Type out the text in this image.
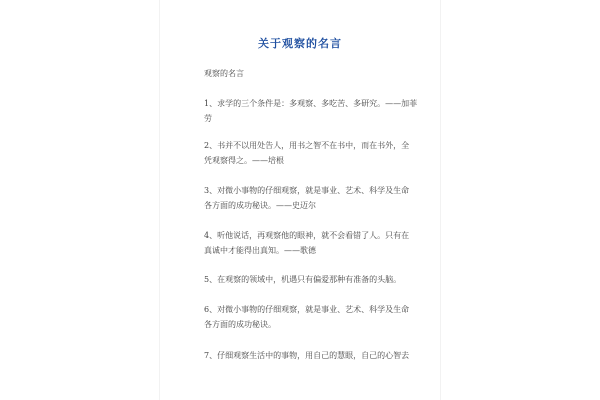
关于观察的名言
观察的名言

1、求学的三个条件是：多观察、多吃苦、多研究。——加菲
劳

2、书并不以用处告人，用书之智不在书中，而在书外，全
凭观察得之。——培根

3、对微小事物的仔细观察，就是事业、艺术、科学及生命
各方面的成功秘诀。——史迈尔

4、听他说话，再观察他的眼神，就不会看错了人。只有在
真诚中才能得出真知。——歌德

5、在观察的领域中，机遇只有偏爱那种有准备的头脑。

6、对微小事物的仔细观察，就是事业、艺术、科学及生命
各方面的成功秘诀。

7、仔细观察生活中的事物，用自己的慧眼，自己的心智去
